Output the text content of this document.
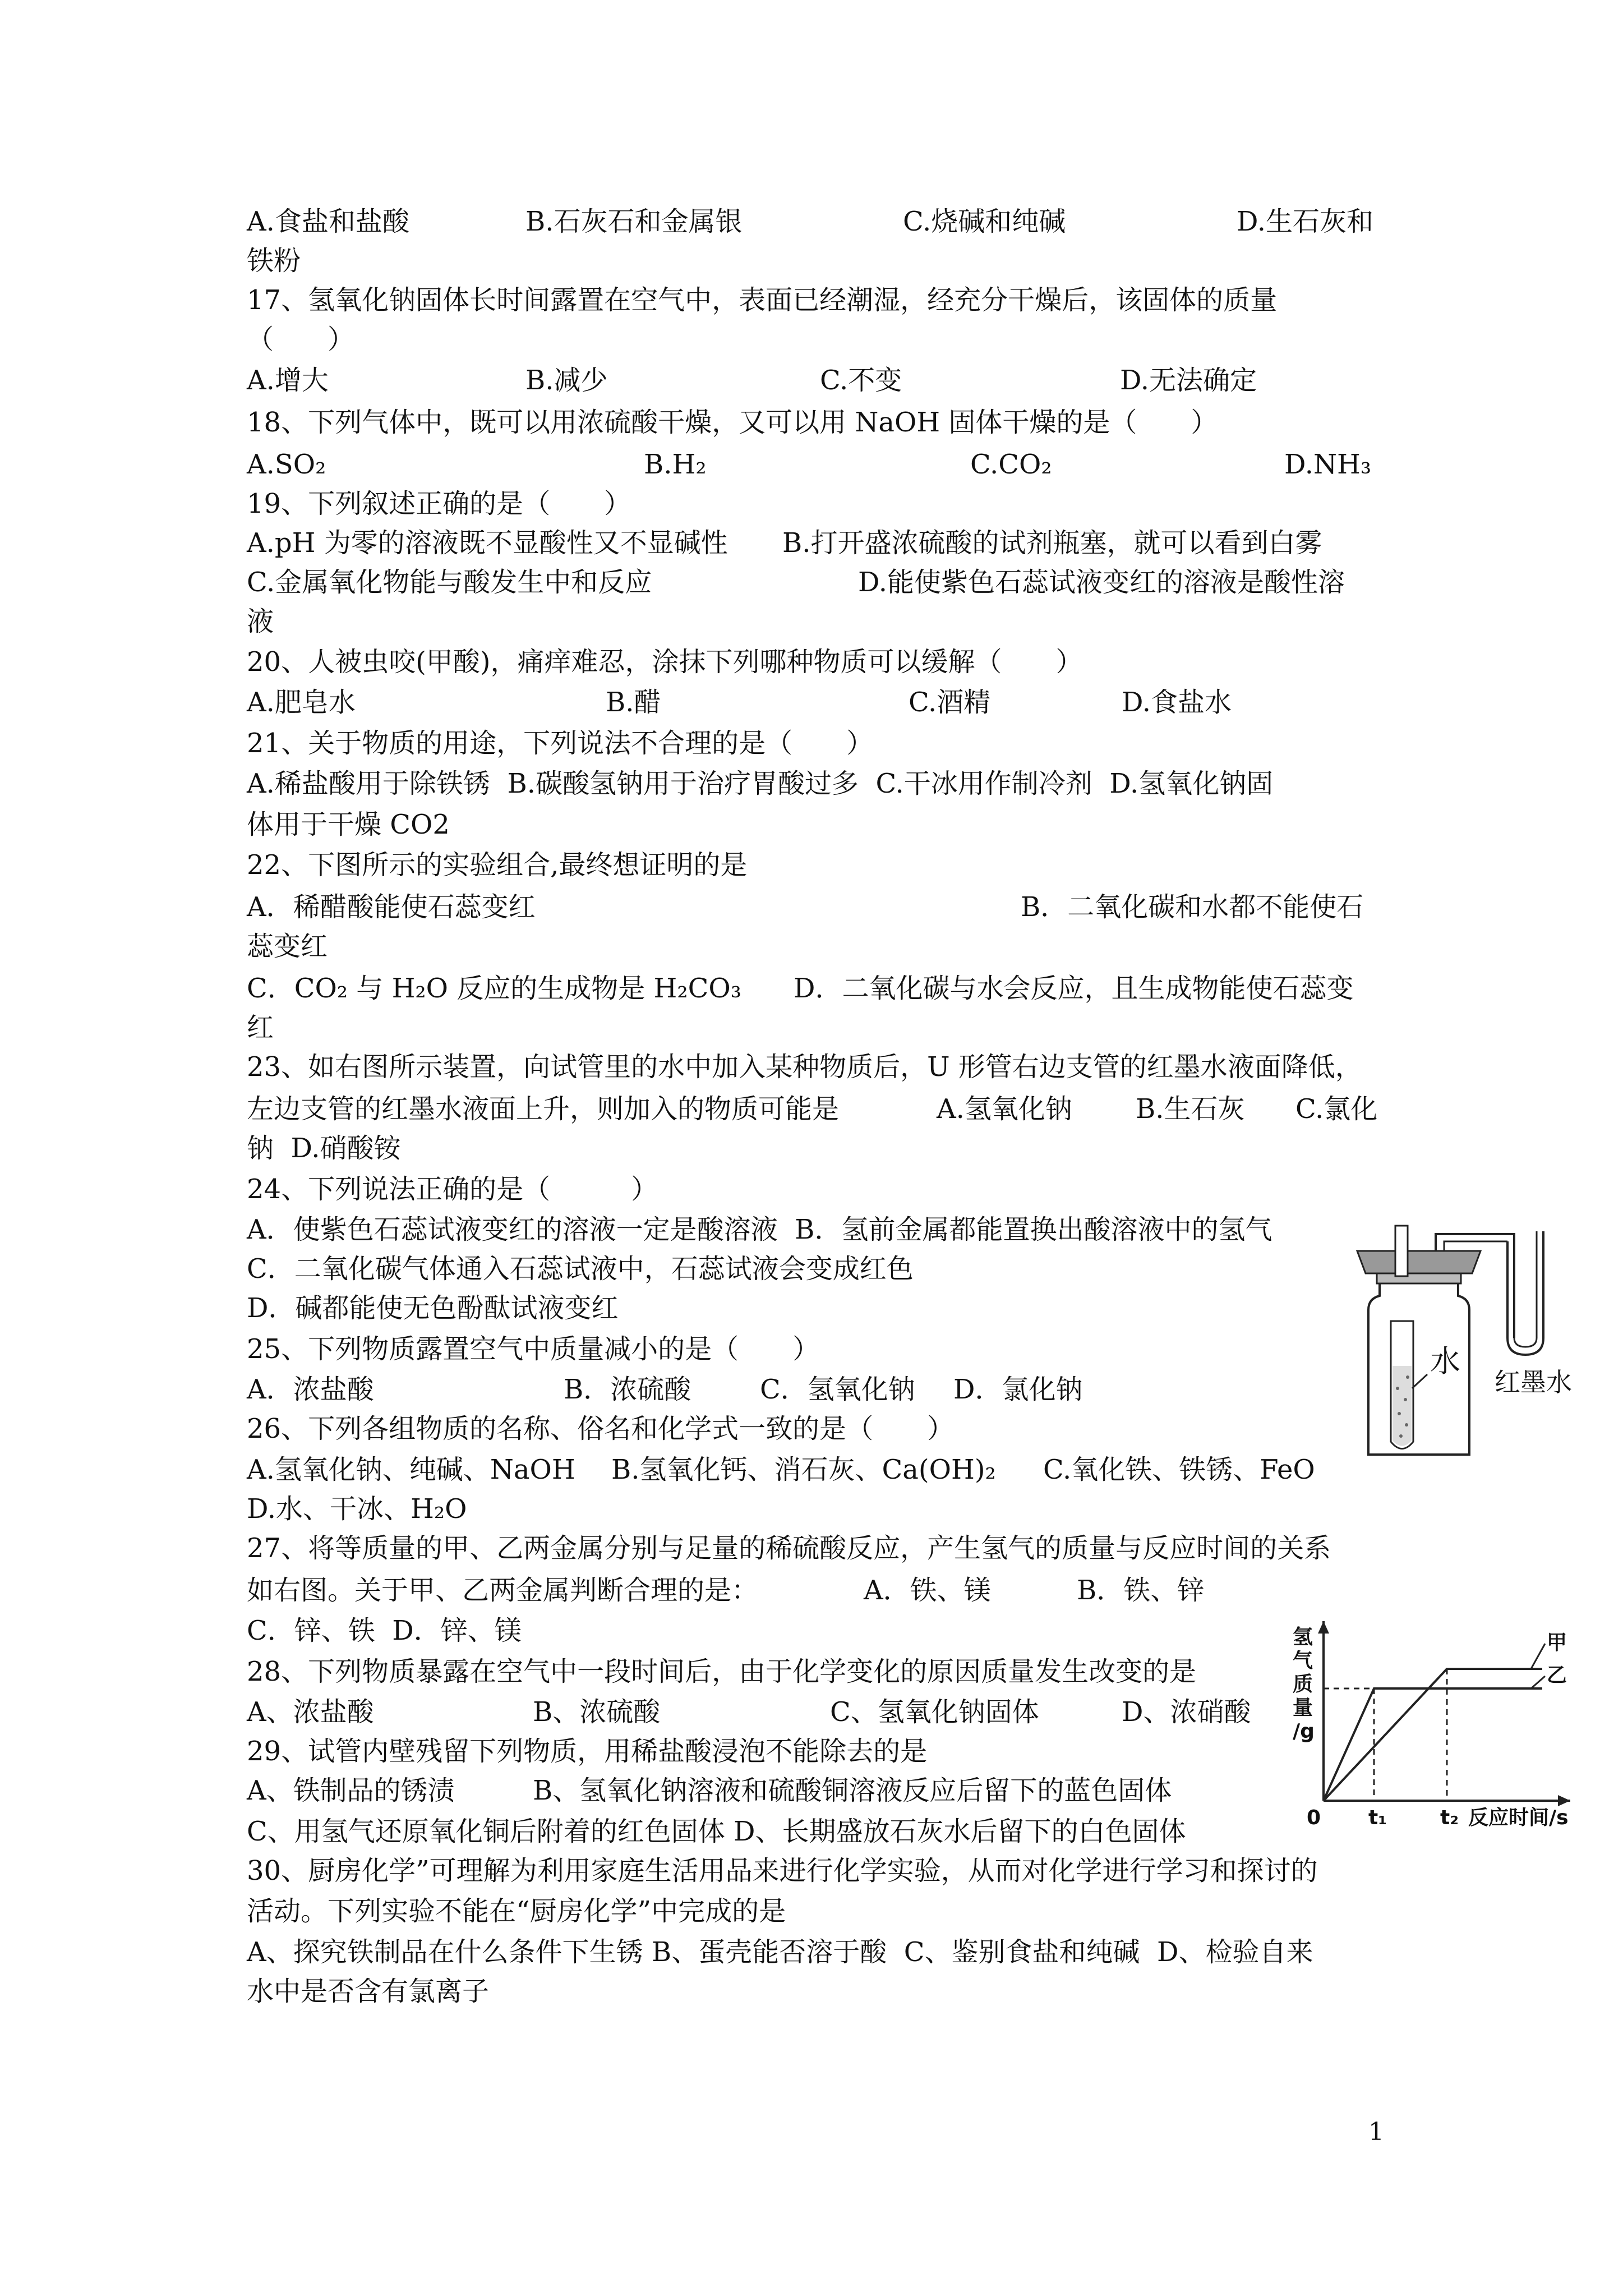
A.食盐和盐酸	B.石灰石和金属银	C.烧碱和纯碱	D.生石灰和
铁粉
17、氢氧化钠固体长时间露置在空气中，表面已经潮湿，经充分干燥后，该固体的质量
（　　）
A.增大	B.减少	C.不变	D.无法确定
18、下列气体中，既可以用浓硫酸干燥，又可以用 NaOH 固体干燥的是（　　）
A.SO₂	B.H₂	C.CO₂	D.NH₃
19、下列叙述正确的是（　　）
A.pH 为零的溶液既不显酸性又不显碱性 B.打开盛浓硫酸的试剂瓶塞，就可以看到白雾
C.金属氧化物能与酸发生中和反应	D.能使紫色石蕊试液变红的溶液是酸性溶
液
20、人被虫咬(甲酸)，痛痒难忍，涂抹下列哪种物质可以缓解（　　）
A.肥皂水	B.醋	C.酒精	D.食盐水
21、关于物质的用途，下列说法不合理的是（　　）
A.稀盐酸用于除铁锈  B.碳酸氢钠用于治疗胃酸过多  C.干冰用作制冷剂  D.氢氧化钠固
体用于干燥 CO2
22、下图所示的实验组合,最终想证明的是
A．稀醋酸能使石蕊变红	B．二氧化碳和水都不能使石
蕊变红
C．CO₂ 与 H₂O 反应的生成物是 H₂CO₃ D．二氧化碳与水会反应，且生成物能使石蕊变
红
23、如右图所示装置，向试管里的水中加入某种物质后，U 形管右边支管的红墨水液面降低，
左边支管的红墨水液面上升，则加入的物质可能是	A.氢氧化钠 B.生石灰 C.氯化
钠  D.硝酸铵
24、下列说法正确的是（　　　）
A．使紫色石蕊试液变红的溶液一定是酸溶液  B．氢前金属都能置换出酸溶液中的氢气
C．二氧化碳气体通入石蕊试液中，石蕊试液会变成红色
D．碱都能使无色酚酞试液变红
25、下列物质露置空气中质量减小的是（　　）
A．浓盐酸	B．浓硫酸	C．氢氧化钠 D．氯化钠
26、下列各组物质的名称、俗名和化学式一致的是（　　）
A.氢氧化钠、纯碱、NaOH B.氢氧化钙、消石灰、Ca(OH)₂ C.氧化铁、铁锈、FeO
D.水、干冰、H₂O
27、将等质量的甲、乙两金属分别与足量的稀硫酸反应，产生氢气的质量与反应时间的关系
如右图。关于甲、乙两金属判断合理的是：	A．铁、镁	B．铁、锌
C．锌、铁  D．锌、镁
28、下列物质暴露在空气中一段时间后，由于化学变化的原因质量发生改变的是
A、浓盐酸	B、浓硫酸	C、氢氧化钠固体	D、浓硝酸
29、试管内壁残留下列物质，用稀盐酸浸泡不能除去的是
A、铁制品的锈渍	B、氢氧化钠溶液和硫酸铜溶液反应后留下的蓝色固体
C、用氢气还原氧化铜后附着的红色固体 D、长期盛放石灰水后留下的白色固体
30、厨房化学”可理解为利用家庭生活用品来进行化学实验，从而对化学进行学习和探讨的
活动。下列实验不能在“厨房化学”中完成的是
A、探究铁制品在什么条件下生锈 B、蛋壳能否溶于酸  C、鉴别食盐和纯碱  D、检验自来
水中是否含有氯离子
水
红墨水
氢
气
质
量
/g
0 t₁	t₂ 反应时间/s
甲
乙
1
